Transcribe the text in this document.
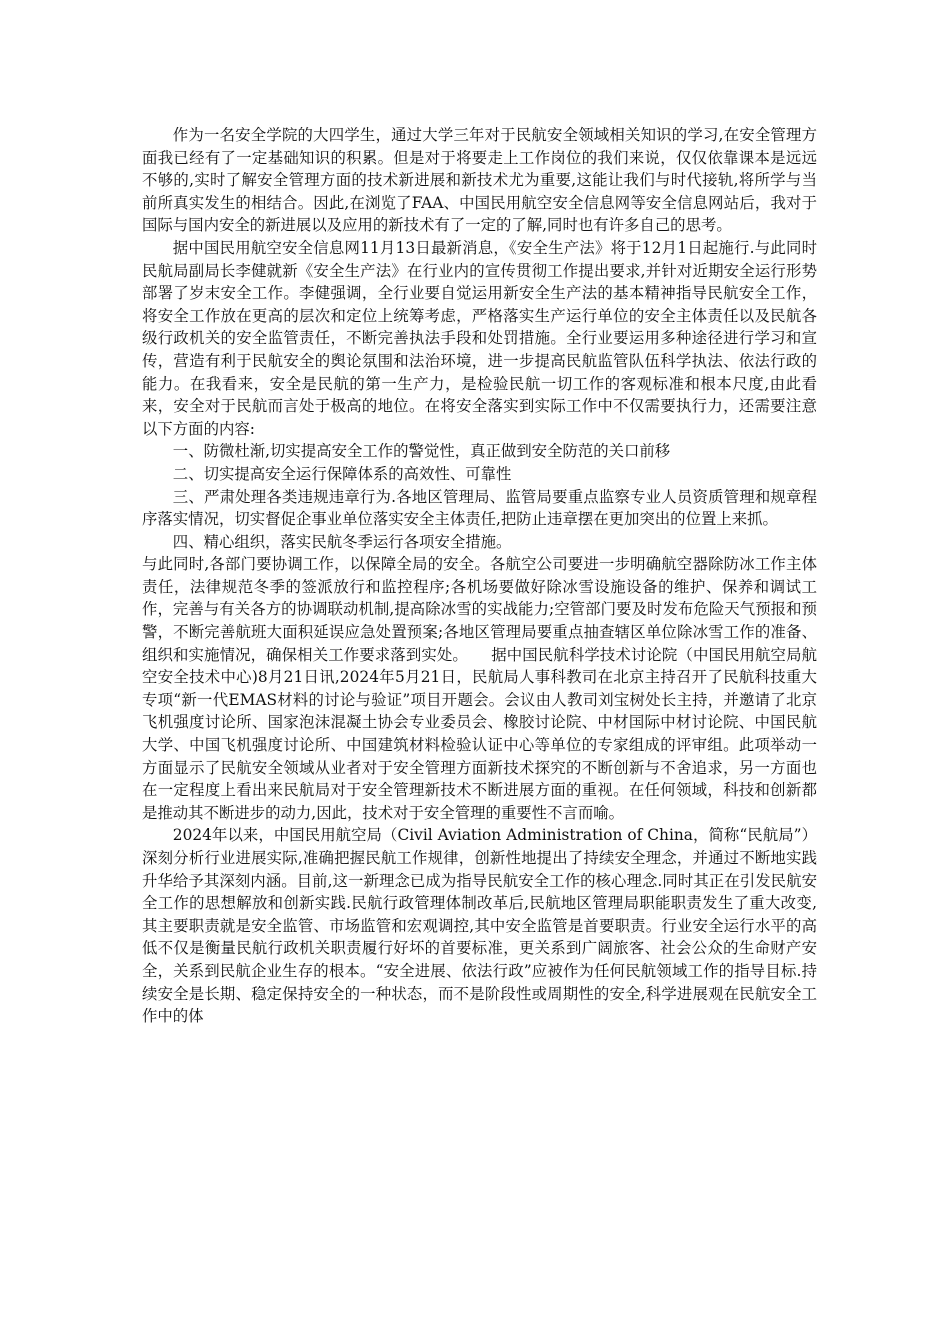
作为一名安全学院的大四学生，通过大学三年对于民航安全领域相关知识的学习,在安全管理方面我已经有了一定基础知识的积累。但是对于将要走上工作岗位的我们来说，仅仅依靠课本是远远不够的,实时了解安全管理方面的技术新进展和新技术尤为重要,这能让我们与时代接轨,将所学与当前所真实发生的相结合。因此,在浏览了FAA、中国民用航空安全信息网等安全信息网站后，我对于国际与国内安全的新进展以及应用的新技术有了一定的了解,同时也有许多自己的思考。

据中国民用航空安全信息网11月13日最新消息，《安全生产法》将于12月1日起施行.与此同时民航局副局长李健就新《安全生产法》在行业内的宣传贯彻工作提出要求,并针对近期安全运行形势部署了岁末安全工作。李健强调，全行业要自觉运用新安全生产法的基本精神指导民航安全工作，将安全工作放在更高的层次和定位上统筹考虑，严格落实生产运行单位的安全主体责任以及民航各级行政机关的安全监管责任，不断完善执法手段和处罚措施。全行业要运用多种途径进行学习和宣传，营造有利于民航安全的舆论氛围和法治环境，进一步提高民航监管队伍科学执法、依法行政的能力。在我看来，安全是民航的第一生产力，是检验民航一切工作的客观标准和根本尺度,由此看来，安全对于民航而言处于极高的地位。在将安全落实到实际工作中不仅需要执行力，还需要注意以下方面的内容:

一、防微杜渐,切实提高安全工作的警觉性，真正做到安全防范的关口前移

二、切实提高安全运行保障体系的高效性、可靠性

三、严肃处理各类违规违章行为.各地区管理局、监管局要重点监察专业人员资质管理和规章程序落实情况，切实督促企事业单位落实安全主体责任,把防止违章摆在更加突出的位置上来抓。

四、精心组织，落实民航冬季运行各项安全措施。

与此同时,各部门要协调工作，以保障全局的安全。各航空公司要进一步明确航空器除防冰工作主体责任，法律规范冬季的签派放行和监控程序;各机场要做好除冰雪设施设备的维护、保养和调试工作，完善与有关各方的协调联动机制,提高除冰雪的实战能力;空管部门要及时发布危险天气预报和预警，不断完善航班大面积延误应急处置预案;各地区管理局要重点抽查辖区单位除冰雪工作的准备、组织和实施情况，确保相关工作要求落到实处。　　据中国民航科学技术讨论院（中国民用航空局航空安全技术中心)8月21日讯,2024年5月21日，民航局人事科教司在北京主持召开了民航科技重大专项“新一代EMAS材料的讨论与验证”项目开题会。会议由人教司刘宝树处长主持，并邀请了北京飞机强度讨论所、国家泡沫混凝土协会专业委员会、橡胶讨论院、中材国际中材讨论院、中国民航大学、中国飞机强度讨论所、中国建筑材料检验认证中心等单位的专家组成的评审组。此项举动一方面显示了民航安全领域从业者对于安全管理方面新技术探究的不断创新与不舍追求，另一方面也在一定程度上看出来民航局对于安全管理新技术不断进展方面的重视。在任何领域，科技和创新都是推动其不断进步的动力,因此，技术对于安全管理的重要性不言而喻。

2024年以来，中国民用航空局（Civil Aviation Administration of China，简称“民航局”）深刻分析行业进展实际,准确把握民航工作规律，创新性地提出了持续安全理念，并通过不断地实践升华给予其深刻内涵。目前,这一新理念已成为指导民航安全工作的核心理念.同时其正在引发民航安全工作的思想解放和创新实践.民航行政管理体制改革后,民航地区管理局职能职责发生了重大改变,其主要职责就是安全监管、市场监管和宏观调控,其中安全监管是首要职责。行业安全运行水平的高低不仅是衡量民航行政机关职责履行好坏的首要标准，更关系到广阔旅客、社会公众的生命财产安全，关系到民航企业生存的根本。“安全进展、依法行政”应被作为任何民航领域工作的指导目标.持续安全是长期、稳定保持安全的一种状态，而不是阶段性或周期性的安全,科学进展观在民航安全工作中的体
